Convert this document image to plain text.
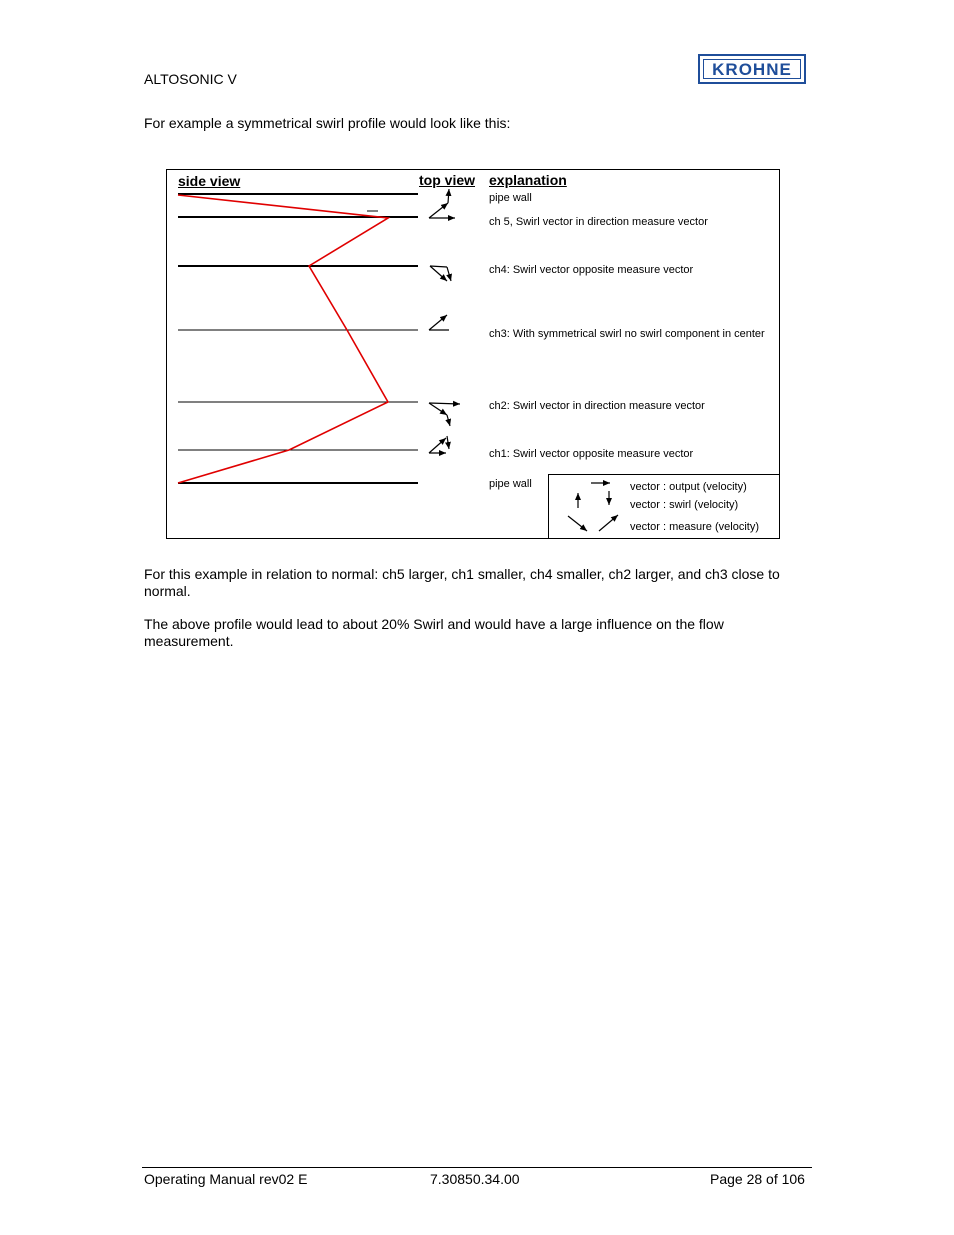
ALTOSONIC V
KROHNE
For example a symmetrical swirl profile would look like this:
side view	top view explanation
pipe wall
ch 5, Swirl vector in direction measure vector
ch4: Swirl vector opposite measure vector
ch3: With symmetrical swirl no swirl component in center
ch2: Swirl vector in direction measure vector
ch1: Swirl vector opposite measure vector
pipe wall	vector : output (velocity)
vector : swirl (velocity)
vector : measure (velocity)
For this example in relation to normal: ch5 larger, ch1 smaller, ch4 smaller, ch2 larger, and ch3 close to normal.
The above profile would lead to about 20% Swirl and would have a large influence on the flow measurement.
Operating Manual rev02 E	7.30850.34.00	Page 28 of 106
